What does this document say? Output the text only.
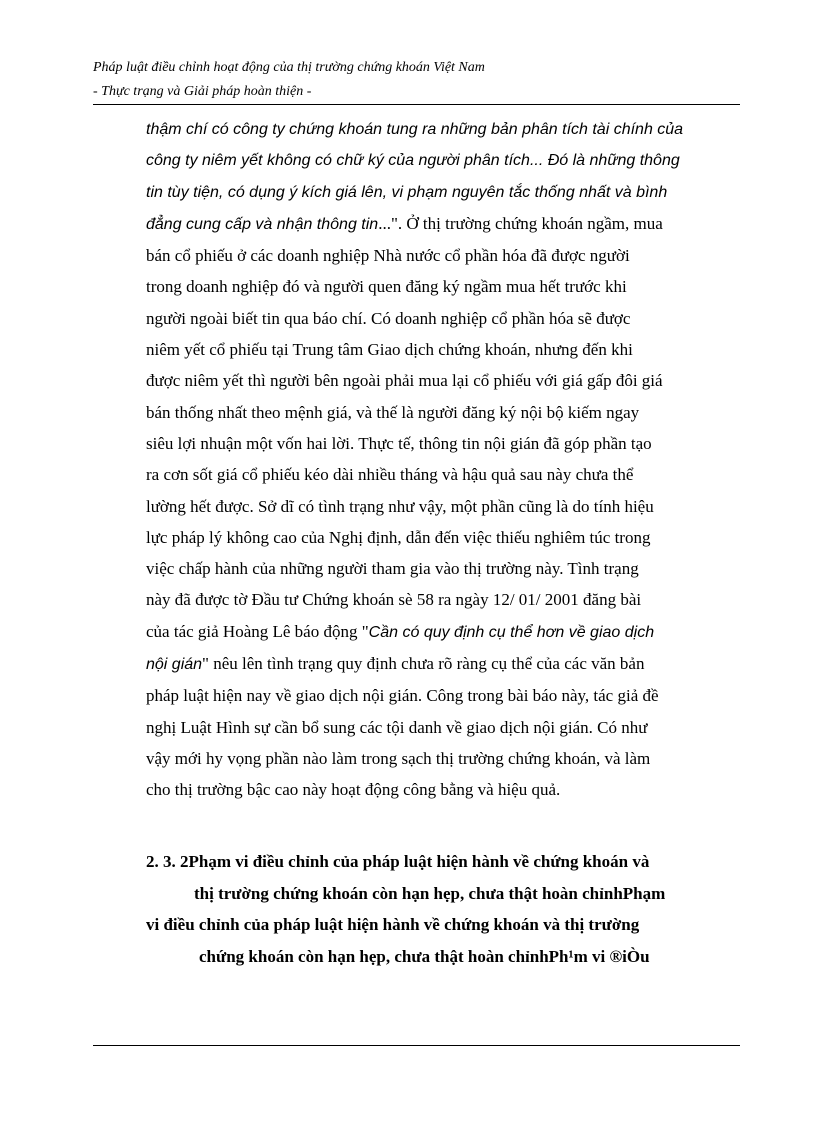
Pháp luật điều chỉnh hoạt động của thị trường chứng khoán Việt Nam
- Thực trạng và Giải pháp hoàn thiện -
thậm chí có công ty chứng khoán tung ra những bản phân tích tài chính của
công ty niêm yết không có chữ ký của người phân tích... Đó là những thông
tin tùy tiện, có dụng ý kích giá lên, vi phạm nguyên tắc thống nhất và bình
đẳng cung cấp và nhận thông tin...". Ở thị trường chứng khoán ngầm, mua
bán cổ phiếu ở các doanh nghiệp Nhà nước cổ phần hóa đã được người
trong doanh nghiệp đó và người quen đăng ký ngầm mua hết trước khi
người ngoài biết tin qua báo chí. Có doanh nghiệp cổ phần hóa sẽ được
niêm yết cổ phiếu tại Trung tâm Giao dịch chứng khoán, nhưng đến khi
được niêm yết thì người bên ngoài phải mua lại cổ phiếu với giá gấp đôi giá
bán thống nhất theo mệnh giá, và thế là người đăng ký nội bộ kiếm ngay
siêu lợi nhuận một vốn hai lời. Thực tế, thông tin nội gián đã góp phần tạo
ra cơn sốt giá cổ phiếu kéo dài nhiều tháng và hậu quả sau này chưa thể
lường hết được. Sở dĩ có tình trạng như vậy, một phần cũng là do tính hiệu
lực pháp lý không cao của Nghị định, dẫn đến việc thiếu nghiêm túc trong
việc chấp hành của những người tham gia vào thị trường này. Tình trạng
này đã được tờ Đầu tư Chứng khoán sè 58 ra ngày 12/ 01/ 2001 đăng bài
của tác giả Hoàng Lê báo động "Cần có quy định cụ thể hơn về giao dịch
nội gián" nêu lên tình trạng quy định chưa rõ ràng cụ thể của các văn bản
pháp luật hiện nay về giao dịch nội gián. Công trong bài báo này, tác giả đề
nghị Luật Hình sự cần bổ sung các tội danh về giao dịch nội gián. Có như
vậy mới hy vọng phần nào làm trong sạch thị trường chứng khoán, và làm
cho thị trường bậc cao này hoạt động công bằng và hiệu quả.
2. 3. 2Phạm vi điều chỉnh của pháp luật hiện hành về chứng khoán và
thị trường chứng khoán còn hạn hẹp, chưa thật hoàn chỉnhPhạm
vi điều chỉnh của pháp luật hiện hành về chứng khoán và thị trường
chứng khoán còn hạn hẹp, chưa thật hoàn chỉnhPh¹m vi ®iÒu
